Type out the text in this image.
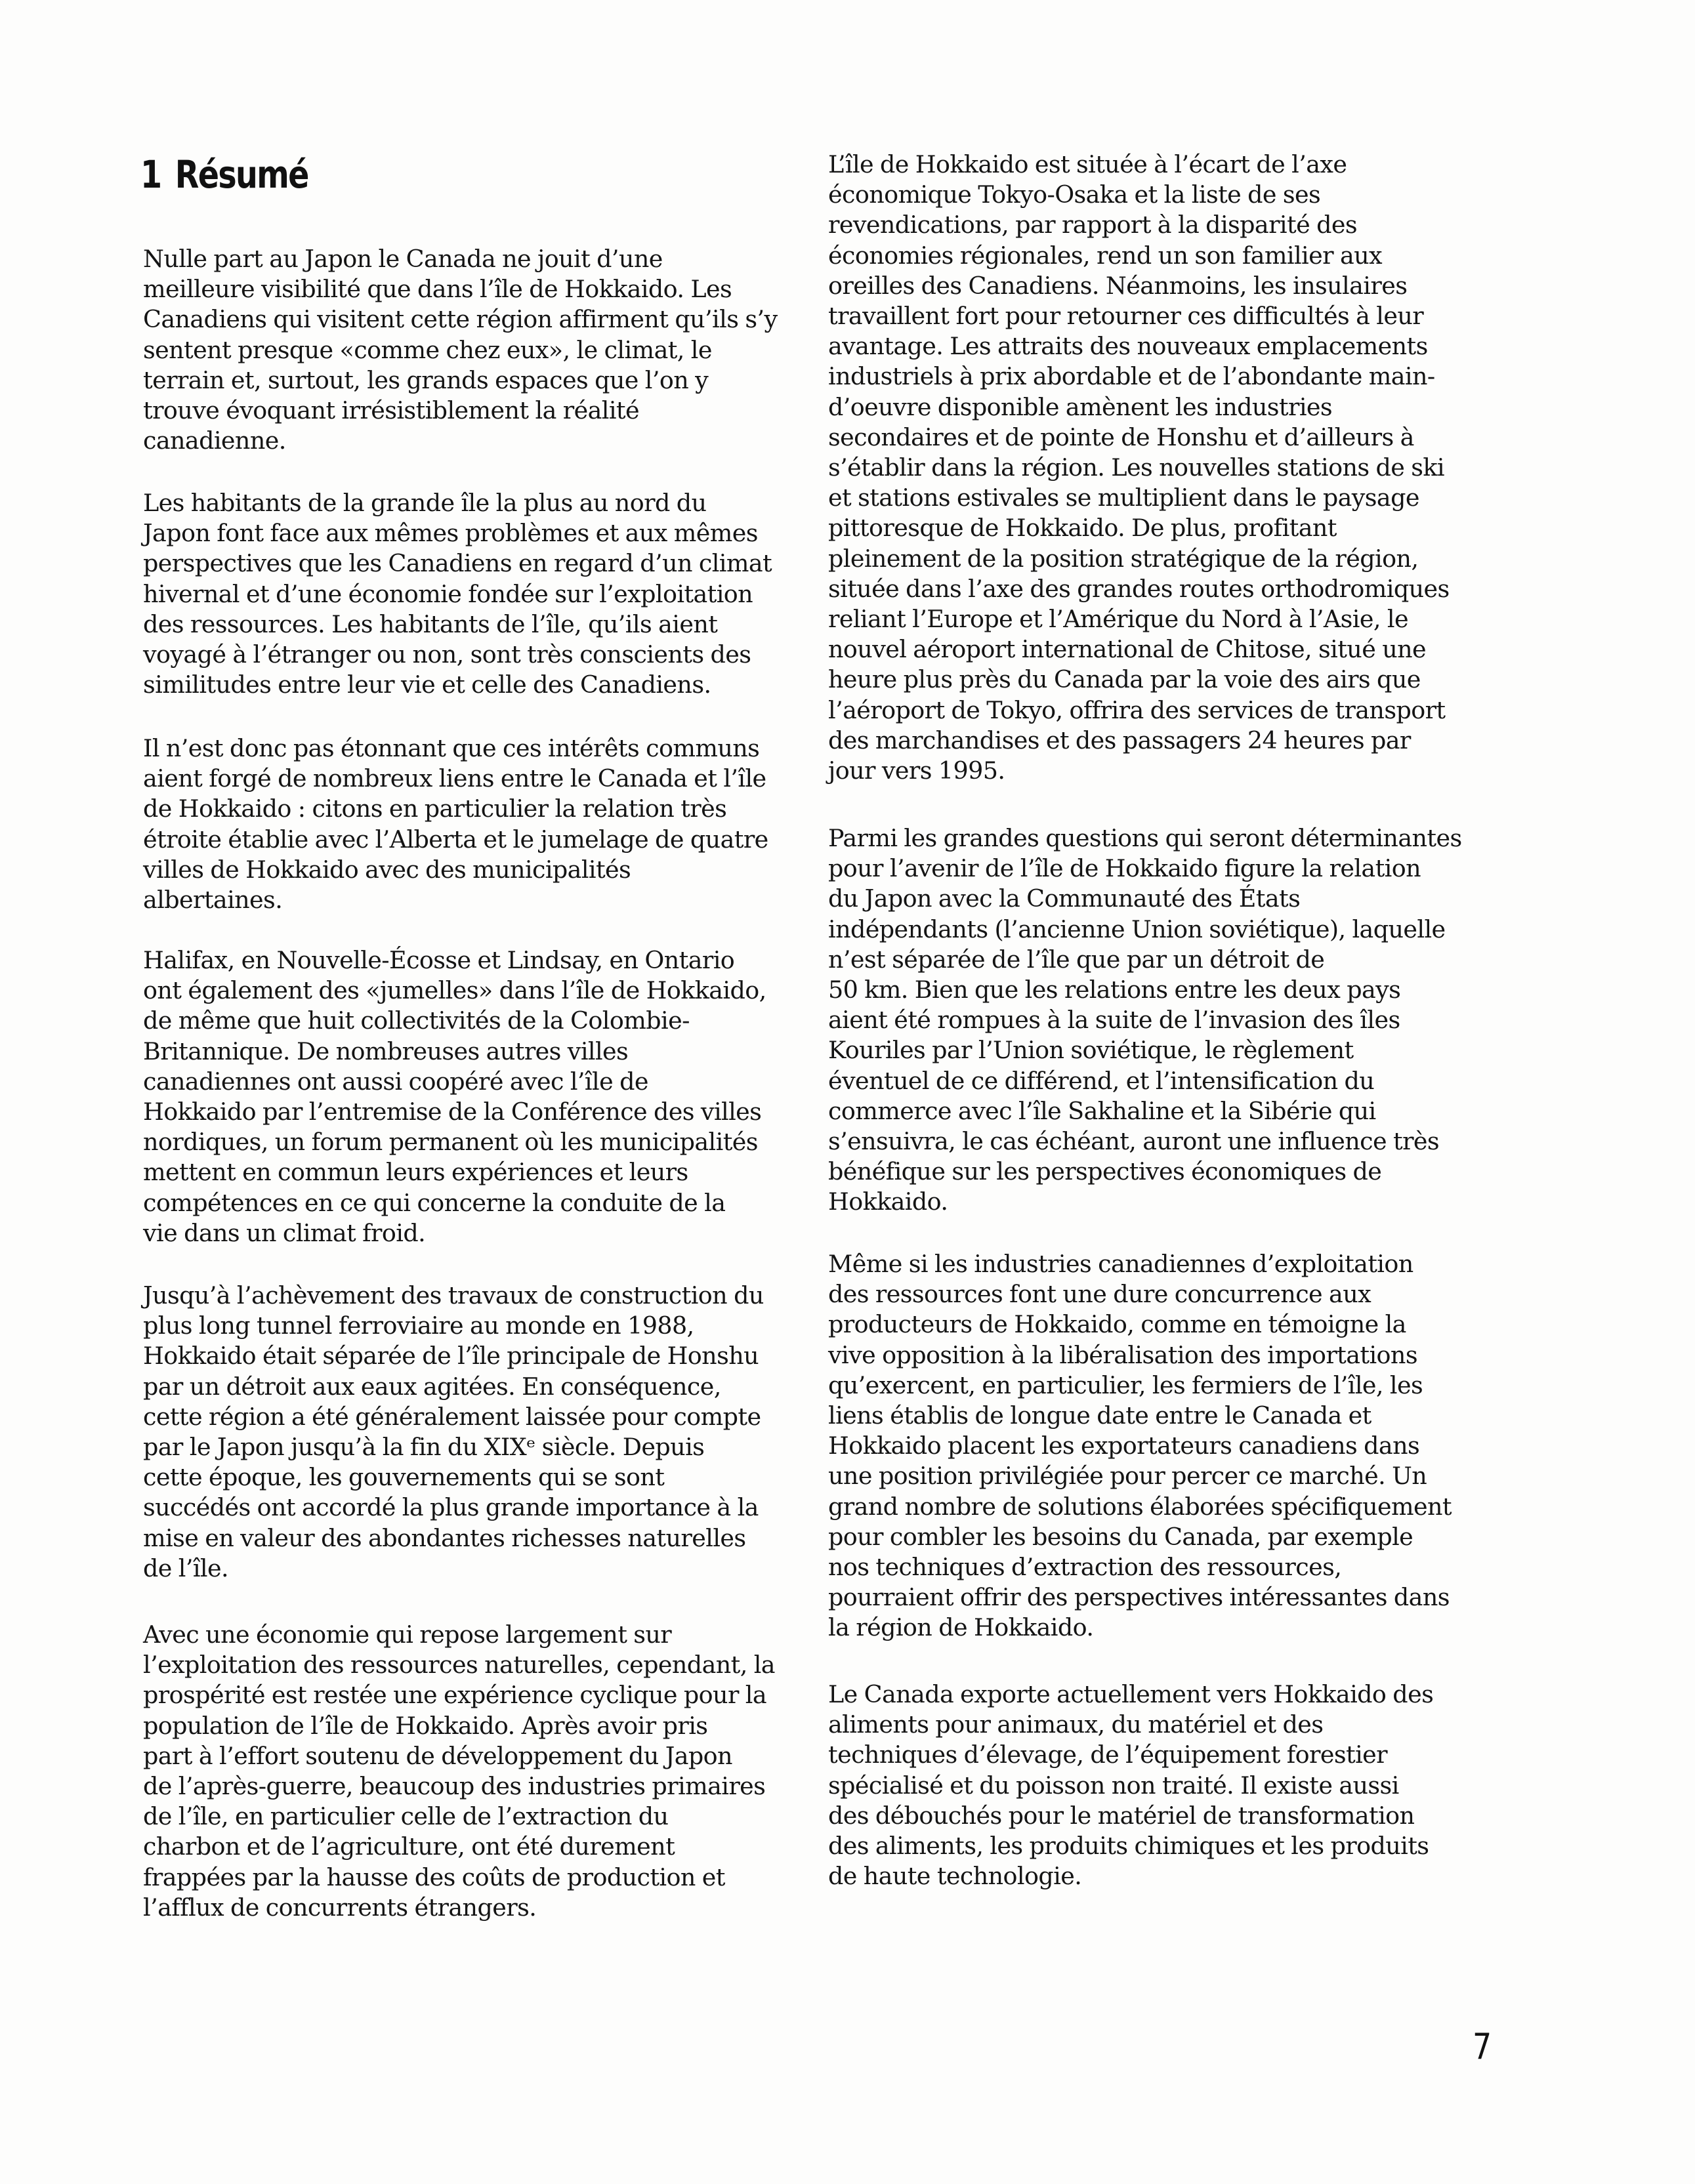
1 Résumé

Nulle part au Japon le Canada ne jouit d’une
meilleure visibilité que dans l’île de Hokkaido. Les
Canadiens qui visitent cette région affirment qu’ils s’y
sentent presque «comme chez eux», le climat, le
terrain et, surtout, les grands espaces que l’on y
trouve évoquant irrésistiblement la réalité
canadienne.

Les habitants de la grande île la plus au nord du
Japon font face aux mêmes problèmes et aux mêmes
perspectives que les Canadiens en regard d’un climat
hivernal et d’une économie fondée sur l’exploitation
des ressources. Les habitants de l’île, qu’ils aient
voyagé à l’étranger ou non, sont très conscients des
similitudes entre leur vie et celle des Canadiens.

Il n’est donc pas étonnant que ces intérêts communs
aient forgé de nombreux liens entre le Canada et l’île
de Hokkaido : citons en particulier la relation très
étroite établie avec l’Alberta et le jumelage de quatre
villes de Hokkaido avec des municipalités
albertaines.

Halifax, en Nouvelle-Écosse et Lindsay, en Ontario
ont également des «jumelles» dans l’île de Hokkaido,
de même que huit collectivités de la Colombie-
Britannique. De nombreuses autres villes
canadiennes ont aussi coopéré avec l’île de
Hokkaido par l’entremise de la Conférence des villes
nordiques, un forum permanent où les municipalités
mettent en commun leurs expériences et leurs
compétences en ce qui concerne la conduite de la
vie dans un climat froid.

Jusqu’à l’achèvement des travaux de construction du
plus long tunnel ferroviaire au monde en 1988,
Hokkaido était séparée de l’île principale de Honshu
par un détroit aux eaux agitées. En conséquence,
cette région a été généralement laissée pour compte
par le Japon jusqu’à la fin du XIXᵉ siècle. Depuis
cette époque, les gouvernements qui se sont
succédés ont accordé la plus grande importance à la
mise en valeur des abondantes richesses naturelles
de l’île.

Avec une économie qui repose largement sur
l’exploitation des ressources naturelles, cependant, la
prospérité est restée une expérience cyclique pour la
population de l’île de Hokkaido. Après avoir pris
part à l’effort soutenu de développement du Japon
de l’après-guerre, beaucoup des industries primaires
de l’île, en particulier celle de l’extraction du
charbon et de l’agriculture, ont été durement
frappées par la hausse des coûts de production et
l’afflux de concurrents étrangers.

L’île de Hokkaido est située à l’écart de l’axe
économique Tokyo-Osaka et la liste de ses
revendications, par rapport à la disparité des
économies régionales, rend un son familier aux
oreilles des Canadiens. Néanmoins, les insulaires
travaillent fort pour retourner ces difficultés à leur
avantage. Les attraits des nouveaux emplacements
industriels à prix abordable et de l’abondante main-
d’oeuvre disponible amènent les industries
secondaires et de pointe de Honshu et d’ailleurs à
s’établir dans la région. Les nouvelles stations de ski
et stations estivales se multiplient dans le paysage
pittoresque de Hokkaido. De plus, profitant
pleinement de la position stratégique de la région,
située dans l’axe des grandes routes orthodromiques
reliant l’Europe et l’Amérique du Nord à l’Asie, le
nouvel aéroport international de Chitose, situé une
heure plus près du Canada par la voie des airs que
l’aéroport de Tokyo, offrira des services de transport
des marchandises et des passagers 24 heures par
jour vers 1995.

Parmi les grandes questions qui seront déterminantes
pour l’avenir de l’île de Hokkaido figure la relation
du Japon avec la Communauté des États
indépendants (l’ancienne Union soviétique), laquelle
n’est séparée de l’île que par un détroit de
50 km. Bien que les relations entre les deux pays
aient été rompues à la suite de l’invasion des îles
Kouriles par l’Union soviétique, le règlement
éventuel de ce différend, et l’intensification du
commerce avec l’île Sakhaline et la Sibérie qui
s’ensuivra, le cas échéant, auront une influence très
bénéfique sur les perspectives économiques de
Hokkaido.

Même si les industries canadiennes d’exploitation
des ressources font une dure concurrence aux
producteurs de Hokkaido, comme en témoigne la
vive opposition à la libéralisation des importations
qu’exercent, en particulier, les fermiers de l’île, les
liens établis de longue date entre le Canada et
Hokkaido placent les exportateurs canadiens dans
une position privilégiée pour percer ce marché. Un
grand nombre de solutions élaborées spécifiquement
pour combler les besoins du Canada, par exemple
nos techniques d’extraction des ressources,
pourraient offrir des perspectives intéressantes dans
la région de Hokkaido.

Le Canada exporte actuellement vers Hokkaido des
aliments pour animaux, du matériel et des
techniques d’élevage, de l’équipement forestier
spécialisé et du poisson non traité. Il existe aussi
des débouchés pour le matériel de transformation
des aliments, les produits chimiques et les produits
de haute technologie.

7
